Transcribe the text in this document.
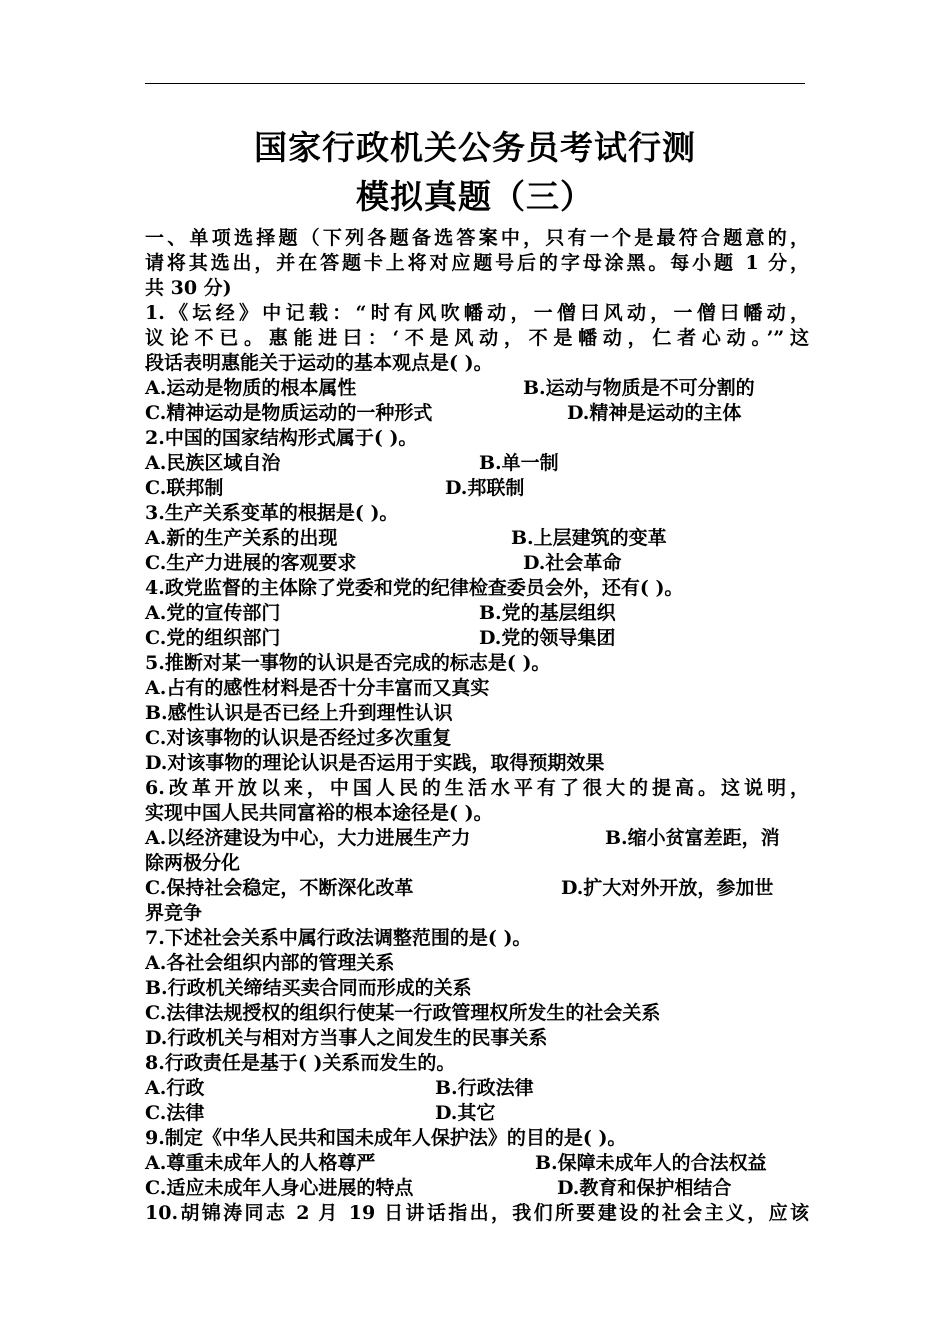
国家行政机关公务员考试行测
模拟真题（三）
一、单项选择题（下列各题备选答案中，只有一个是最符合题意的，
请将其选出，并在答题卡上将对应题号后的字母涂黑。每小题 1 分，
共 30 分)
1.《坛经》中记载：“时有风吹幡动，一僧曰风动，一僧曰幡动，
议论不已。惠能进曰：‘不是风动，不是幡动，仁者心动。’”这
段话表明惠能关于运动的基本观点是( )。
A.运动是物质的根本属性	B.运动与物质是不可分割的
C.精神运动是物质运动的一种形式	D.精神是运动的主体
2.中国的国家结构形式属于( )。
A.民族区域自治	B.单一制
C.联邦制	D.邦联制
3.生产关系变革的根据是( )。
A.新的生产关系的出现	B.上层建筑的变革
C.生产力进展的客观要求	D.社会革命
4.政党监督的主体除了党委和党的纪律检查委员会外，还有( )。
A.党的宣传部门	B.党的基层组织
C.党的组织部门	D.党的领导集团
5.推断对某一事物的认识是否完成的标志是( )。
A.占有的感性材料是否十分丰富而又真实
B.感性认识是否已经上升到理性认识
C.对该事物的认识是否经过多次重复
D.对该事物的理论认识是否运用于实践，取得预期效果
6.改革开放以来，中国人民的生活水平有了很大的提高。这说明，
实现中国人民共同富裕的根本途径是( )。
A.以经济建设为中心，大力进展生产力	B.缩小贫富差距，消
除两极分化
C.保持社会稳定，不断深化改革	D.扩大对外开放，参加世
界竞争
7.下述社会关系中属行政法调整范围的是( )。
A.各社会组织内部的管理关系
B.行政机关缔结买卖合同而形成的关系
C.法律法规授权的组织行使某一行政管理权所发生的社会关系
D.行政机关与相对方当事人之间发生的民事关系
8.行政责任是基于( )关系而发生的。
A.行政	B.行政法律
C.法律	D.其它
9.制定《中华人民共和国未成年人保护法》的目的是( )。
A.尊重未成年人的人格尊严	B.保障未成年人的合法权益
C.适应未成年人身心进展的特点	D.教育和保护相结合
10.胡锦涛同志 2 月 19 日讲话指出，我们所要建设的社会主义，应该
